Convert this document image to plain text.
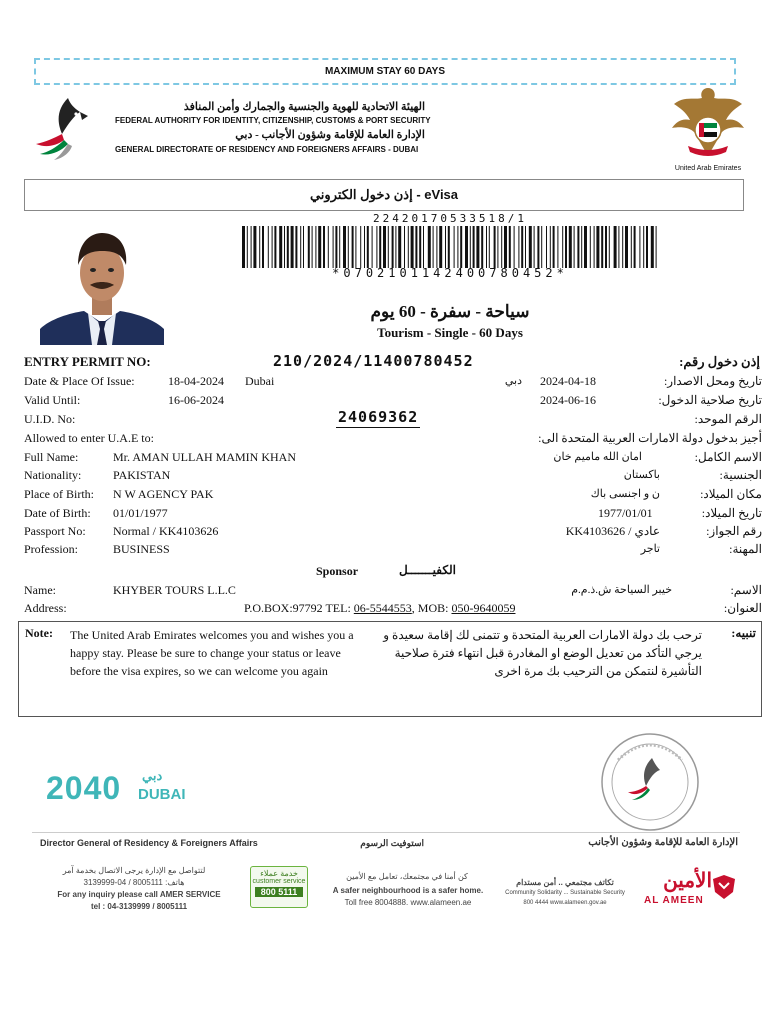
MAXIMUM STAY 60 DAYS
الهيئة الاتحادية للهوية والجنسية والجمارك وأمن المنافذ
FEDERAL AUTHORITY FOR IDENTITY, CITIZENSHIP, CUSTOMS & PORT SECURITY
الإدارة العامة للإقامة وشؤون الأجانب - دبي
GENERAL DIRECTORATE OF RESIDENCY AND FOREIGNERS AFFAIRS - DUBAI
United Arab Emirates
إذن دخول الكتروني - eVisa
22420170533518/1
*07021011424007804​52*
سياحة - سفرة - 60 يوم
Tourism - Single - 60 Days
ENTRY PERMIT NO:	210/2024/11400780452	إذن دخول رقم:
Date & Place Of Issue:	18-04-2024 Dubai	دبي 2024-04-18	تاريخ ومحل الاصدار:
Valid Until:	16-06-2024	2024-06-16	تاريخ صلاحية الدخول:
U.I.D. No:	24069362	الرقم الموحد:
Allowed to enter U.A.E to:	أجيز بدخول دولة الامارات العربية المتحدة الى:
Full Name:	Mr. AMAN ULLAH MAMIN KHAN	امان الله ماميم خان	الاسم الكامل:
Nationality:	PAKISTAN	باكستان	الجنسية:
Place of Birth: N W AGENCY PAK	ن و اجنسى باك	مكان الميلاد:
Date of Birth: 01/01/1977	1977/01/01	تاريخ الميلاد:
Passport No: Normal / KK4103626	عادي / KK4103626	رقم الجواز:
Profession:	BUSINESS	تاجر	المهنة:
Sponsor	الكفيـــــــل
Name:	KHYBER TOURS L.L.C	خيبر السياحة ش.ذ.م.م	الاسم:
Address:	P.O.BOX:97792 TEL: 06-5544553, MOB: 050-9640059	العنوان:
Note: The United Arab Emirates welcomes you and wishes you a happy stay. Please be sure to change your status or leave before the visa expires, so we can welcome you again
ترحب بك دولة الامارات العربية المتحدة و تتمنى لك إقامة سعيدة و يرجي التأكد من تعديل الوضع او المغادرة قبل انتهاء فترة صلاحية التأشيرة لنتمكن من الترحيب بك مرة اخرى
تنبيه:
2040 دبي
DUBAI
Director General of Residency & Foreigners Affairs	استوفيت الرسوم	الإدارة العامة للإقامة وشؤون الأجانب
لتتواصل مع الإدارة يرجى الاتصال بخدمة آمر
هاتف: 8005111 / 04-3139999
For any inquiry please call AMER SERVICE
tel : 04-3139999 / 8005111
خدمة عملاء
customer service
800 5111
كن أمنا في مجتمعك، تعامل مع الأمين
A safer neighbourhood is a safer home.
Toll free 8004888. www.alameen.ae
تكاتف مجتمعي .. أمن مستدام
Community Solidarity ... Sustainable Security
800 4444 www.alameen.gov.ae
الأمين
AL AMEEN
